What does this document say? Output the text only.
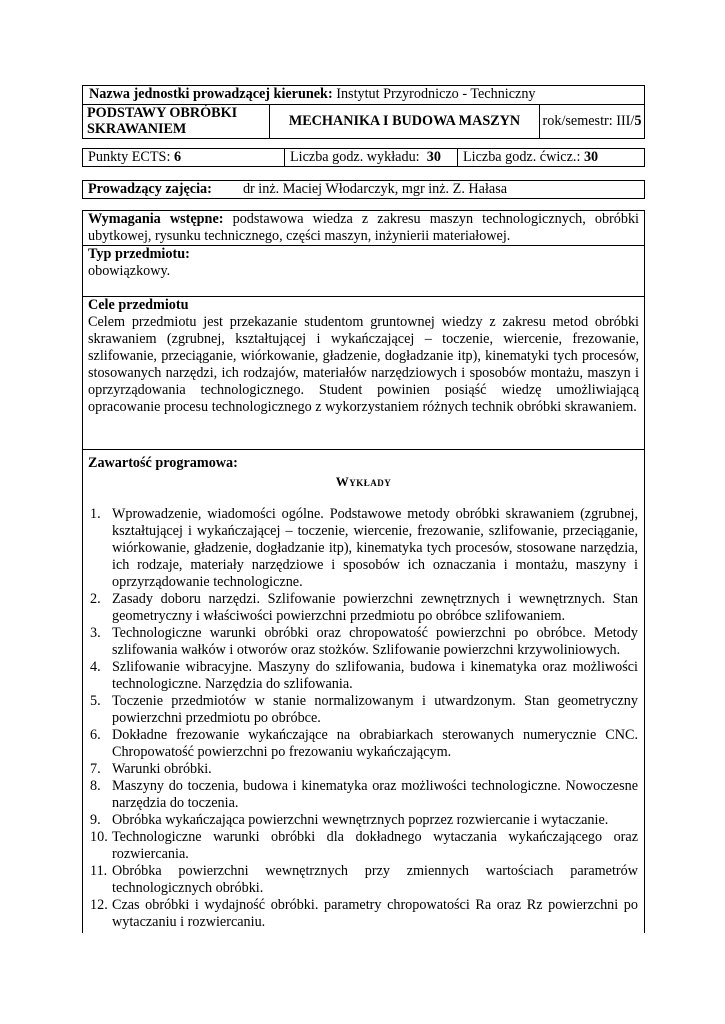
Nazwa jednostki prowadzącej kierunek: Instytut Przyrodniczo - Techniczny
PODSTAWY OBRÓBKI SKRAWANIEM	MECHANIKA I BUDOWA MASZYN	rok/semestr: III/5
Punkty ECTS: 6	Liczba godz. wykładu: 30 Liczba godz. ćwicz.: 30
Prowadzący zajęcia: dr inż. Maciej Włodarczyk, mgr inż. Z. Hałasa
Wymagania wstępne: podstawowa wiedza z zakresu maszyn technologicznych, obróbki ubytkowej, rysunku technicznego, części maszyn, inżynierii materiałowej.
Typ przedmiotu:
obowiązkowy.
Cele przedmiotu
Celem przedmiotu jest przekazanie studentom gruntownej wiedzy z zakresu metod obróbki skrawaniem (zgrubnej, kształtującej i wykańczającej – toczenie, wiercenie, frezowanie, szlifowanie, przeciąganie, wiórkowanie, gładzenie, dogładzanie itp), kinematyki tych procesów, stosowanych narzędzi, ich rodzajów, materiałów narzędziowych i sposobów montażu, maszyn i oprzyrządowania technologicznego. Student powinien posiąść wiedzę umożliwiającą opracowanie procesu technologicznego z wykorzystaniem różnych technik obróbki skrawaniem.
Zawartość programowa:
Wykłady
1. Wprowadzenie, wiadomości ogólne. Podstawowe metody obróbki skrawaniem (zgrubnej, kształtującej i wykańczającej – toczenie, wiercenie, frezowanie, szlifowanie, przeciąganie, wiórkowanie, gładzenie, dogładzanie itp), kinematyka tych procesów, stosowane narzędzia, ich rodzaje, materiały narzędziowe i sposobów ich oznaczania i montażu, maszyny i oprzyrządowanie technologiczne.
2. Zasady doboru narzędzi. Szlifowanie powierzchni zewnętrznych i wewnętrznych. Stan geometryczny i właściwości powierzchni przedmiotu po obróbce szlifowaniem.
3. Technologiczne warunki obróbki oraz chropowatość powierzchni po obróbce. Metody szlifowania wałków i otworów oraz stożków. Szlifowanie powierzchni krzywoliniowych.
4. Szlifowanie wibracyjne. Maszyny do szlifowania, budowa i kinematyka oraz możliwości technologiczne. Narzędzia do szlifowania.
5. Toczenie przedmiotów w stanie normalizowanym i utwardzonym. Stan geometryczny powierzchni przedmiotu po obróbce.
6. Dokładne frezowanie wykańczające na obrabiarkach sterowanych numerycznie CNC. Chropowatość powierzchni po frezowaniu wykańczającym.
7. Warunki obróbki.
8. Maszyny do toczenia, budowa i kinematyka oraz możliwości technologiczne. Nowoczesne narzędzia do toczenia.
9. Obróbka wykańczająca powierzchni wewnętrznych poprzez rozwiercanie i wytaczanie.
10. Technologiczne warunki obróbki dla dokładnego wytaczania wykańczającego oraz rozwiercania.
11. Obróbka powierzchni wewnętrznych przy zmiennych wartościach parametrów technologicznych obróbki.
12. Czas obróbki i wydajność obróbki. parametry chropowatości Ra oraz Rz powierzchni po wytaczaniu i rozwiercaniu.
